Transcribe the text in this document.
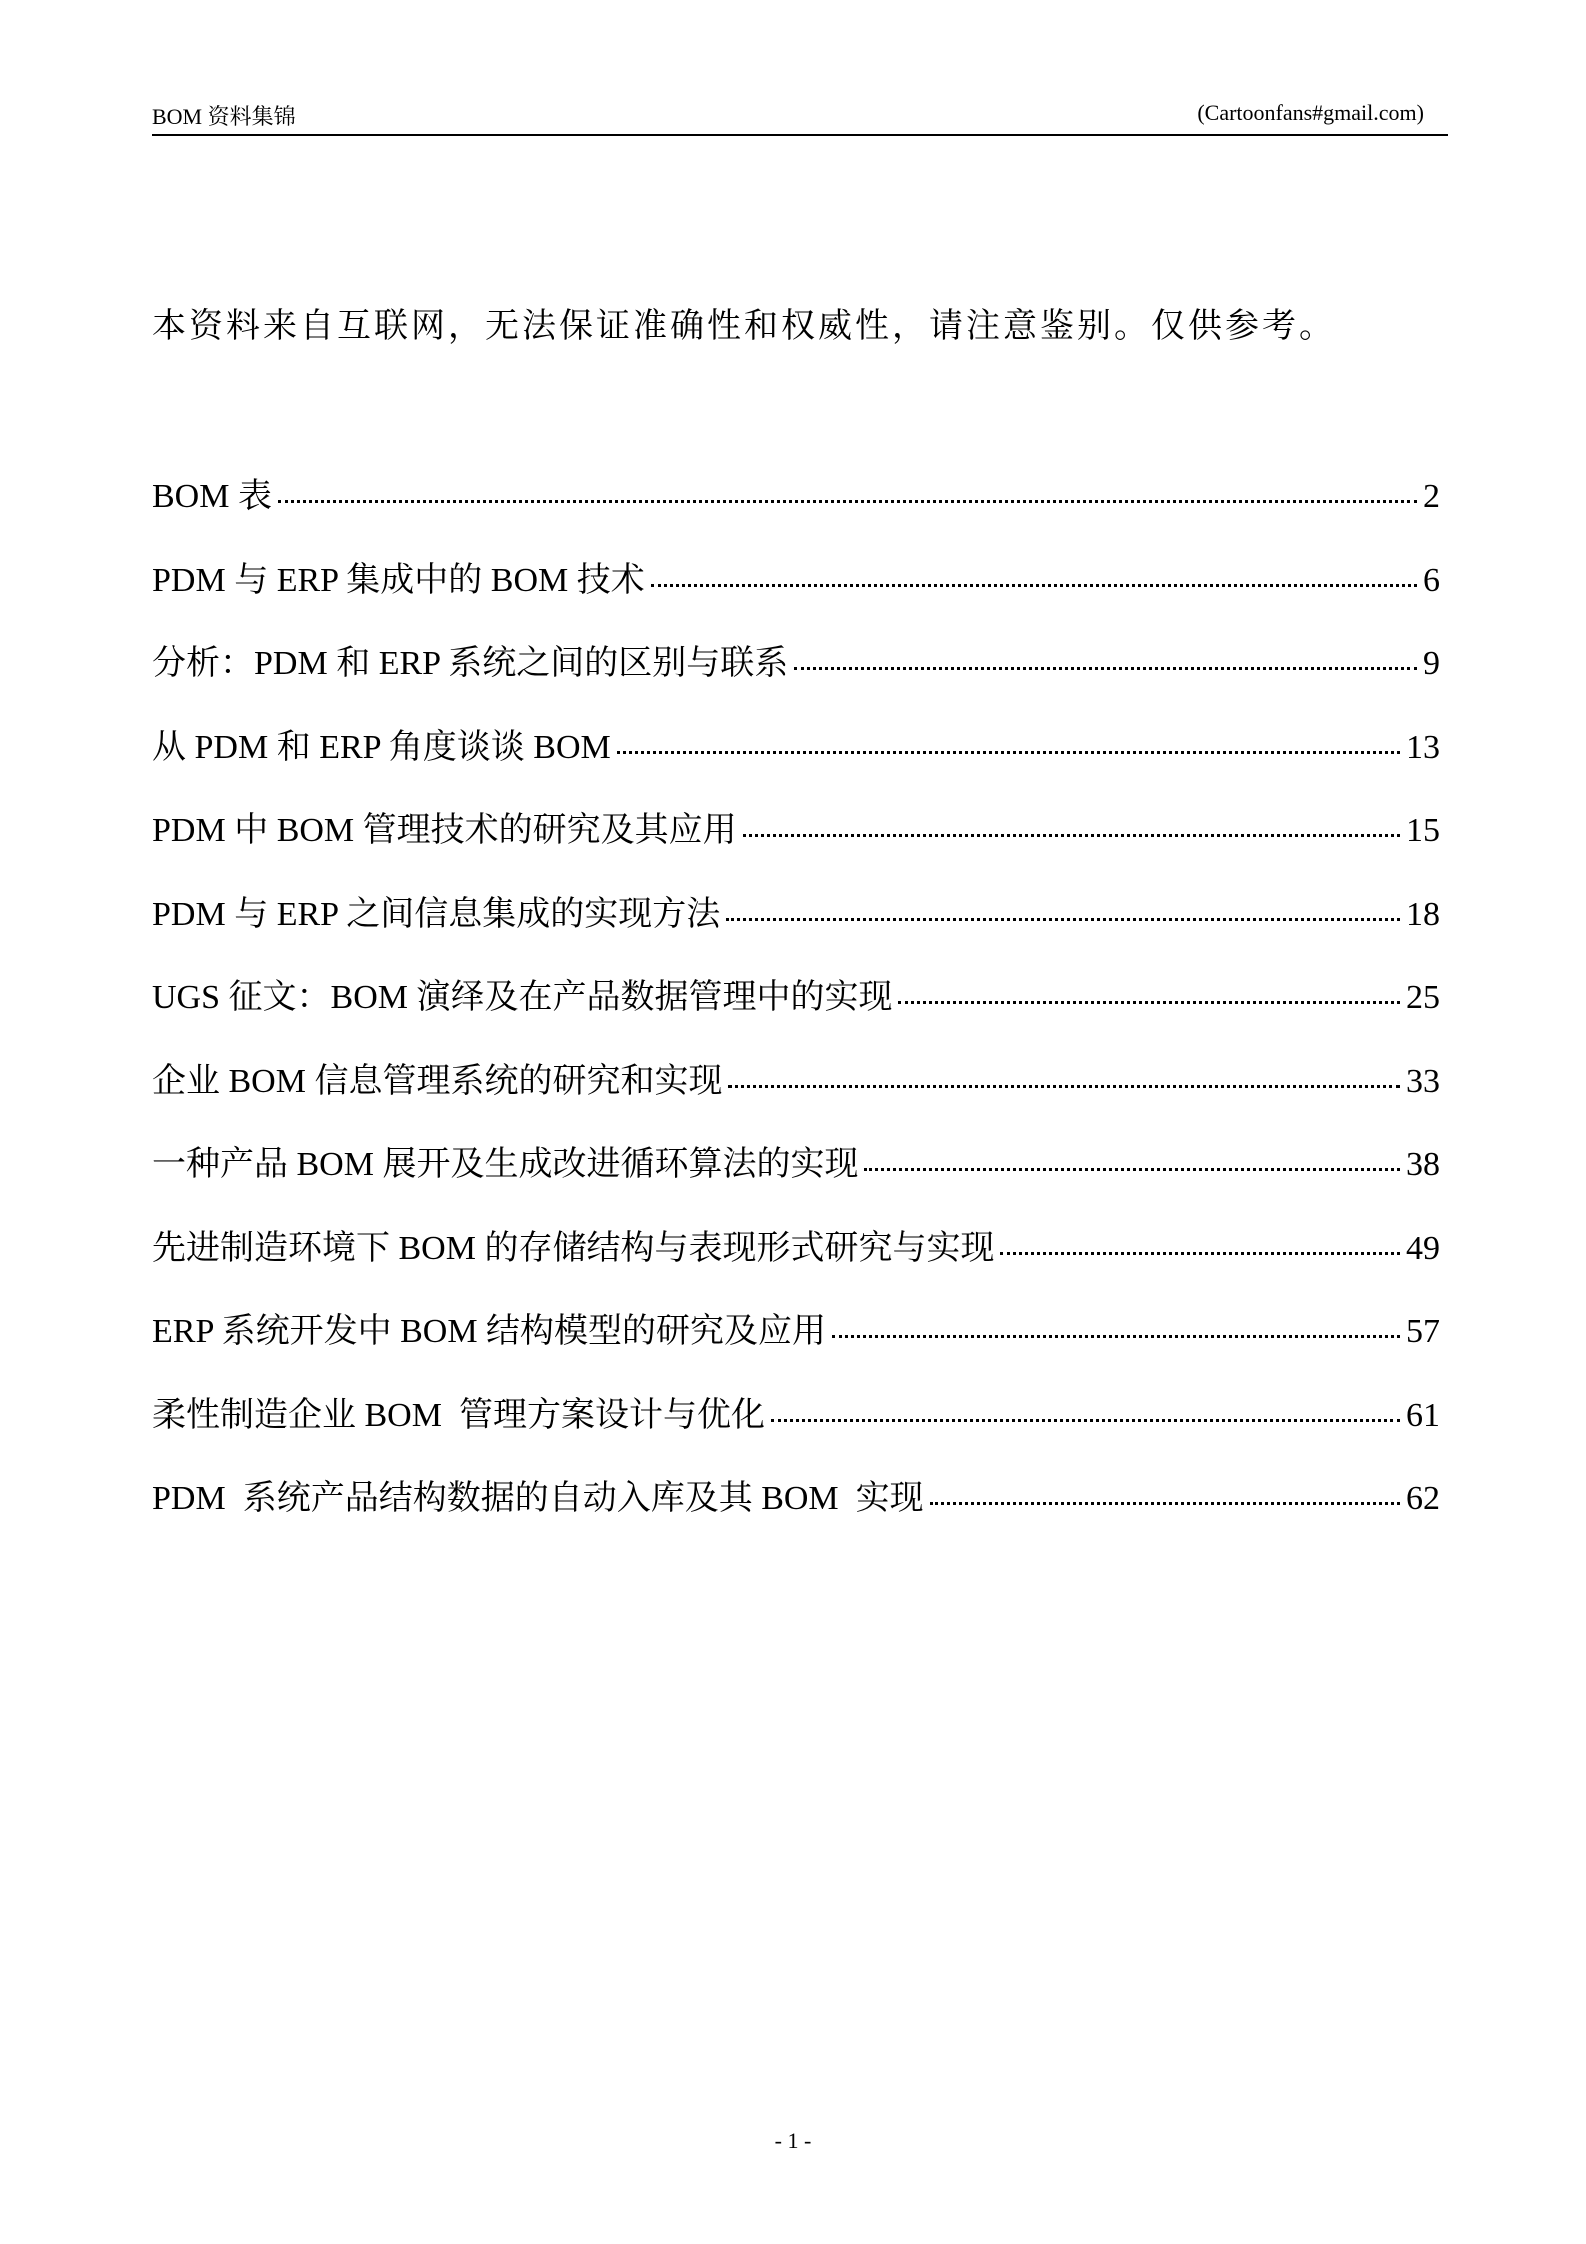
BOM 资料集锦	(Cartoonfans#gmail.com)
本资料来自互联网，无法保证准确性和权威性，请注意鉴别。仅供参考。
BOM 表	2
PDM 与 ERP 集成中的 BOM 技术	6
分析：PDM 和 ERP 系统之间的区别与联系	9
从 PDM 和 ERP 角度谈谈 BOM	13
PDM 中 BOM 管理技术的研究及其应用	15
PDM 与 ERP 之间信息集成的实现方法	18
UGS 征文：BOM 演绎及在产品数据管理中的实现	25
企业 BOM 信息管理系统的研究和实现	33
一种产品 BOM 展开及生成改进循环算法的实现	38
先进制造环境下 BOM 的存储结构与表现形式研究与实现	49
ERP 系统开发中 BOM 结构模型的研究及应用	57
柔性制造企业 BOM  管理方案设计与优化	61
PDM  系统产品结构数据的自动入库及其 BOM  实现	62
- 1 -
